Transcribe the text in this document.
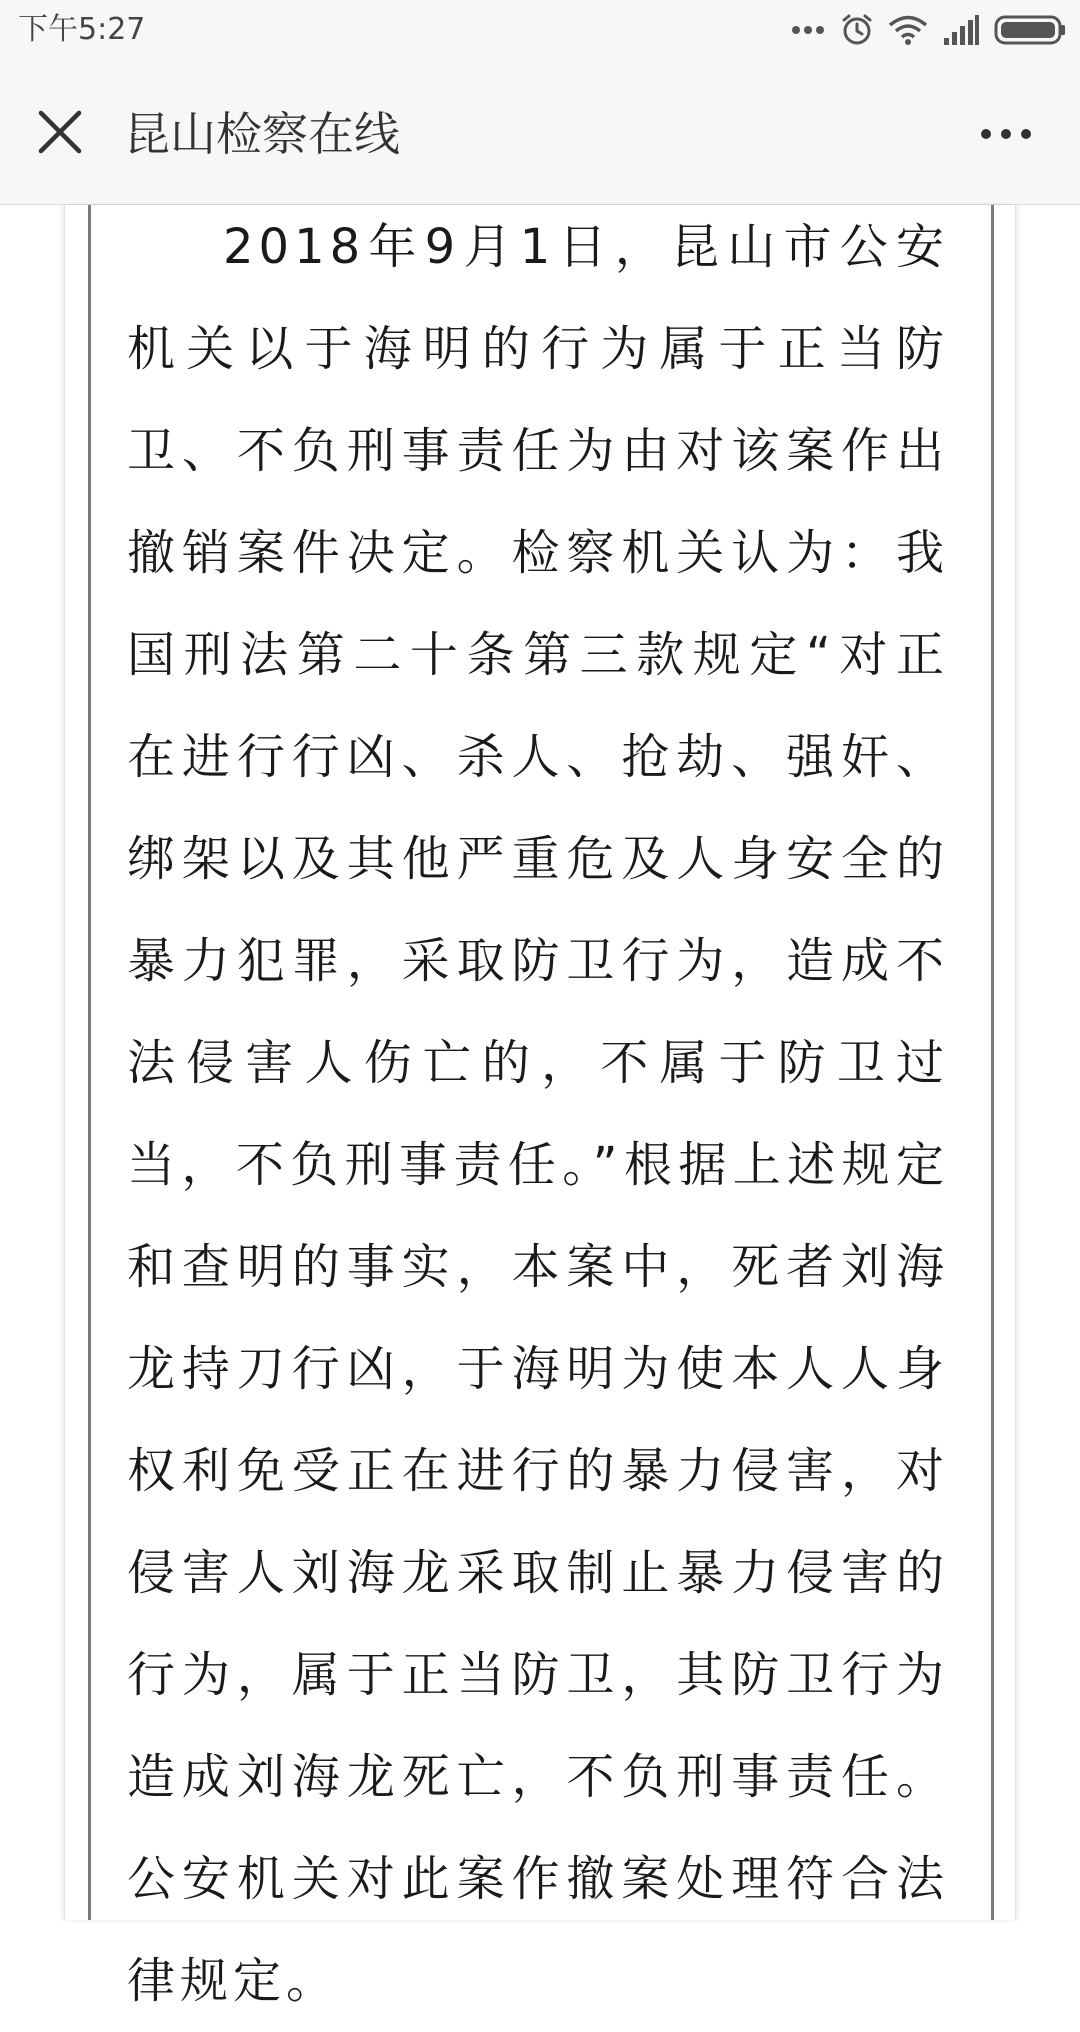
下午5:27
昆山检察在线

2018年9月1日，昆山市公安机关以于海明的行为属于正当防卫、不负刑事责任为由对该案作出撤销案件决定。检察机关认为：我国刑法第二十条第三款规定“对正在进行行凶、杀人、抢劫、强奸、绑架以及其他严重危及人身安全的暴力犯罪，采取防卫行为，造成不法侵害人伤亡的，不属于防卫过当，不负刑事责任。”根据上述规定和查明的事实，本案中，死者刘海龙持刀行凶，于海明为使本人人身权利免受正在进行的暴力侵害，对侵害人刘海龙采取制止暴力侵害的行为，属于正当防卫，其防卫行为造成刘海龙死亡，不负刑事责任。公安机关对此案作撤案处理符合法律规定。
